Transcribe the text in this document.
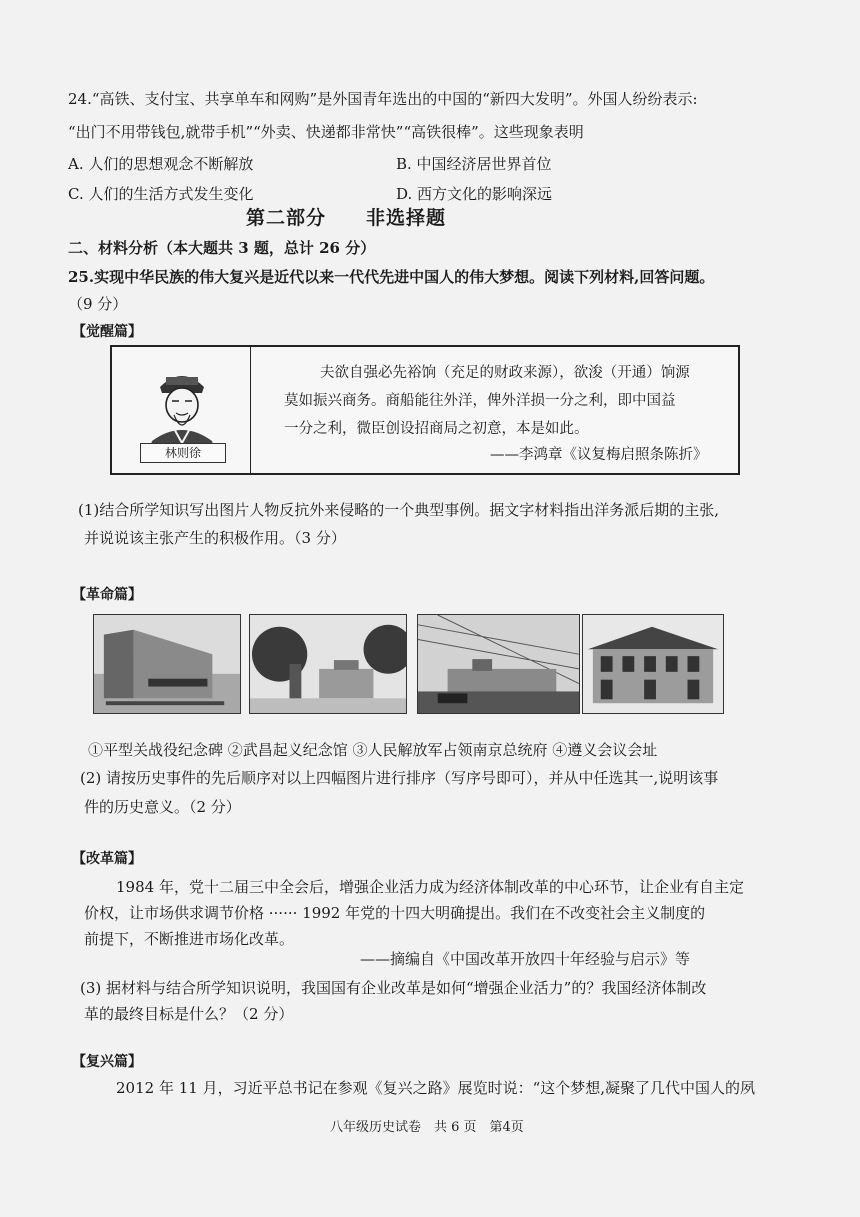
24.“高铁、支付宝、共享单车和网购”是外国青年选出的中国的“新四大发明”。外国人纷纷表示:
“出门不用带钱包,就带手机”“外卖、快递都非常快”“高铁很棒”。这些现象表明
A. 人们的思想观念不断解放	B. 中国经济居世界首位
C. 人们的生活方式发生变化	D. 西方文化的影响深远
第二部分　　非选择题
二、材料分析（本大题共 3 题，总计 26 分）
25.实现中华民族的伟大复兴是近代以来一代代先进中国人的伟大梦想。阅读下列材料,回答问题。
（9 分）
【觉醒篇】
林则徐
夫欲自强必先裕饷（充足的财政来源），欲浚（开通）饷源
莫如振兴商务。商船能往外洋，俾外洋损一分之利，即中国益
一分之利，微臣创设招商局之初意，本是如此。
——李鸿章《议复梅启照条陈折》
(1)结合所学知识写出图片人物反抗外来侵略的一个典型事例。据文字材料指出洋务派后期的主张,
并说说该主张产生的积极作用。（3 分）
【革命篇】
①平型关战役纪念碑 ②武昌起义纪念馆 ③人民解放军占领南京总统府 ④遵义会议会址
(2) 请按历史事件的先后顺序对以上四幅图片进行排序（写序号即可），并从中任选其一,说明该事
件的历史意义。（2 分）
【改革篇】
1984 年，党十二届三中全会后，增强企业活力成为经济体制改革的中心环节，让企业有自主定
价权，让市场供求调节价格 ······ 1992 年党的十四大明确提出。我们在不改变社会主义制度的
前提下，不断推进市场化改革。
——摘编自《中国改革开放四十年经验与启示》等
(3) 据材料与结合所学知识说明，我国国有企业改革是如何“增强企业活力”的？我国经济体制改
革的最终目标是什么？（2 分）
【复兴篇】
2012 年 11 月，习近平总书记在参观《复兴之路》展览时说：“这个梦想,凝聚了几代中国人的夙
八年级历史试卷　共 6 页　第4页
